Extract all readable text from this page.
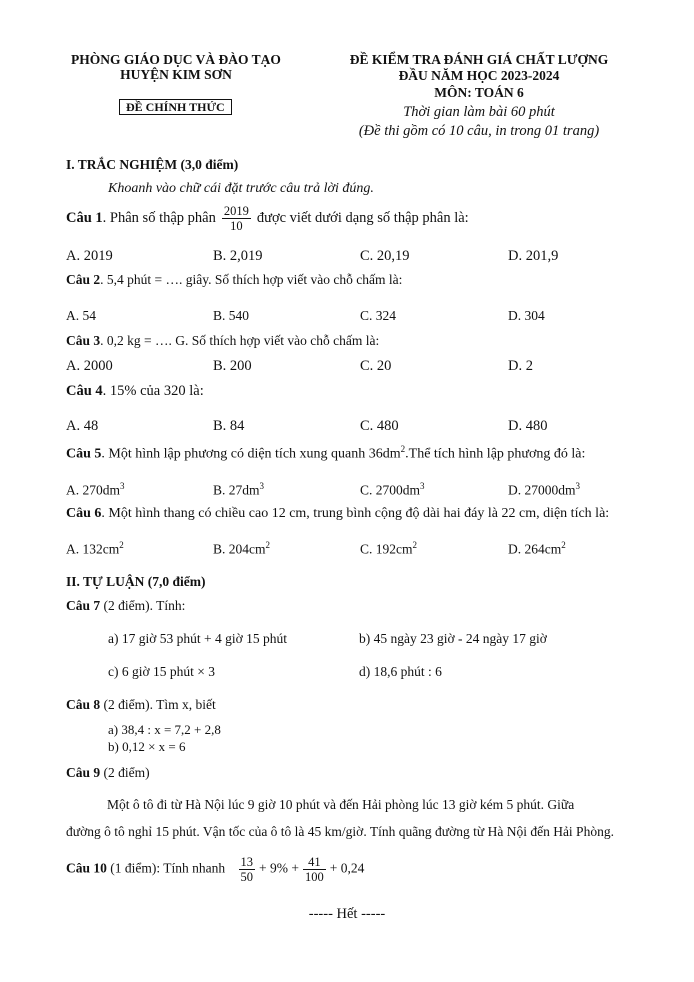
PHÒNG GIÁO DỤC VÀ ĐÀO TẠO
HUYỆN KIM SƠN
ĐỀ CHÍNH THỨC
ĐỀ KIỂM TRA ĐÁNH GIÁ CHẤT LƯỢNG
ĐẦU NĂM HỌC 2023-2024
MÔN: TOÁN 6
Thời gian làm bài 60 phút
(Đề thi gồm có 10 câu, in trong 01 trang)
I. TRẮC NGHIỆM (3,0 điểm)
Khoanh vào chữ cái đặt trước câu trả lời đúng.
Câu 1. Phân số thập phân $\frac{2019}{10}$ được viết dưới dạng số thập phân là:
A. 2019	B. 2,019	C. 20,19	D. 201,9
Câu 2. 5,4 phút = …. giây. Số thích hợp viết vào chỗ chấm là:
A. 54	B. 540	C. 324	D. 304
Câu 3. 0,2 kg = …. G. Số thích hợp viết vào chỗ chấm là:
A. 2000	B. 200	C. 20	D. 2
Câu 4. 15% của 320 là:
A. 48	B. 84	C. 480	D. 480
Câu 5. Một hình lập phương có diện tích xung quanh $36dm^2.Thể$ tích hình lập phương đó là:
A. $270dm^3$	B. $27dm^3$	C. $2700dm^3$	D. $27000dm^3$
Câu 6. Một hình thang có chiều cao 12 cm, trung bình cộng độ dài hai đáy là 22 cm, diện tích là:
A. $132cm^2$	B. $204cm^2$	C. $192cm^2$	D. $264cm^2$
II. TỰ LUẬN (7,0 điểm)
Câu 7 (2 điểm). Tính:
a) 17 giờ 53 phút + 4 giờ 15 phút	b) 45 ngày 23 giờ - 24 ngày 17 giờ
c) 6 giờ 15 phút × 3	d) 18,6 phút : 6
Câu 8 (2 điểm). Tìm x, biết
a) 38,4 : x = 7,2 + 2,8
b) 0,12 × x = 6
Câu 9 (2 điểm)
Một ô tô đi từ Hà Nội lúc 9 giờ 10 phút và đến Hải phòng lúc 13 giờ kém 5 phút. Giữa
đường ô tô nghỉ 15 phút. Vận tốc của ô tô là 45 km/giờ. Tính quãng đường từ Hà Nội đến Hải Phòng.
Câu 10 (1 điểm): Tính nhanh $\frac{13}{50} + 9\% + \frac{41}{100} + 0,24$
----- Hết -----
